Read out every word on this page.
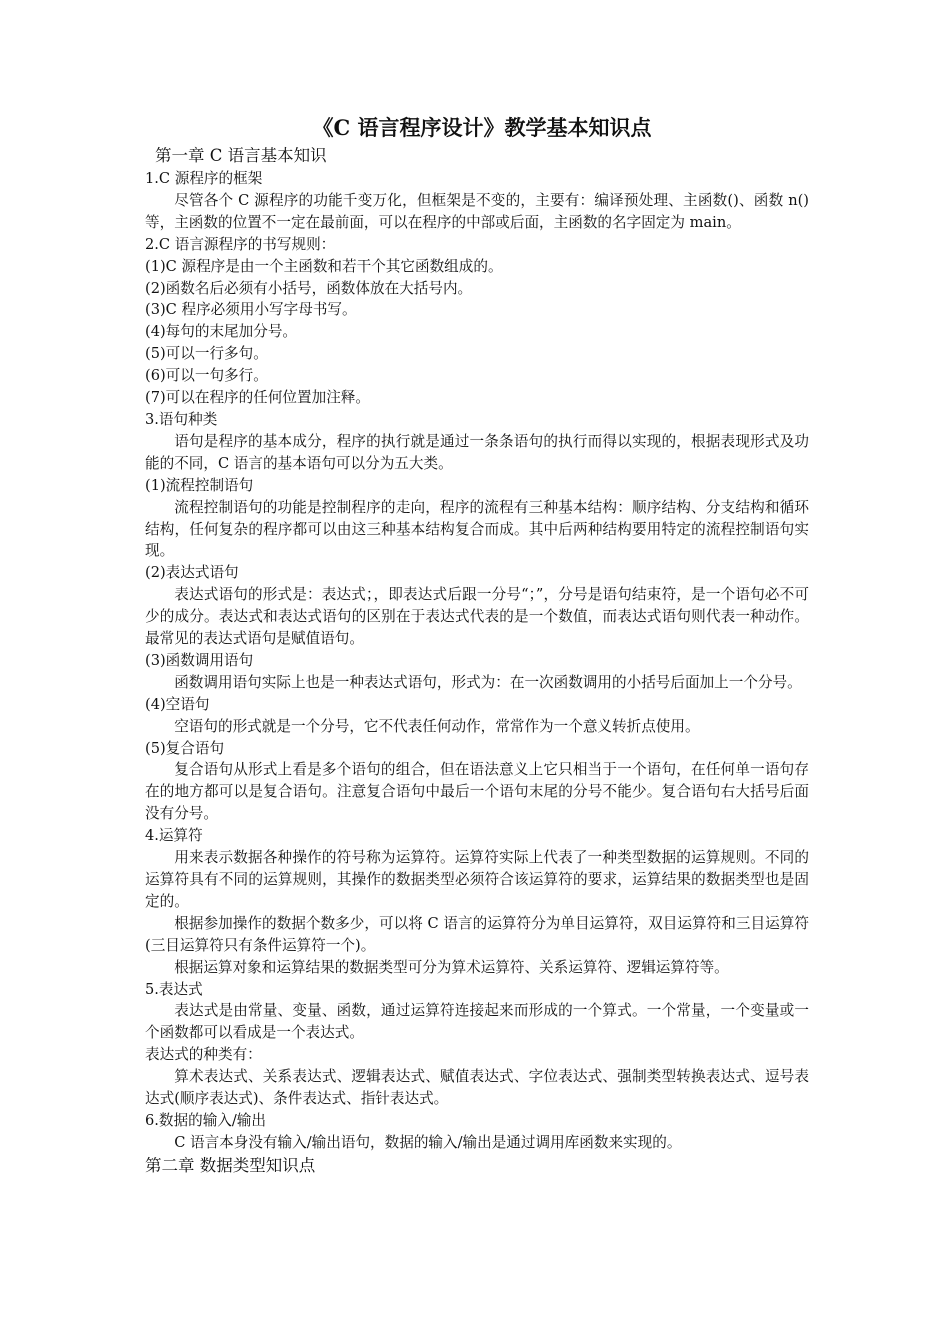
《C 语言程序设计》教学基本知识点
第一章 C 语言基本知识
1.C 源程序的框架

尽管各个 C 源程序的功能千变万化，但框架是不变的，主要有：编译预处理、主函数()、函数 n()等，主函数的位置不一定在最前面，可以在程序的中部或后面，主函数的名字固定为 main。

2.C 语言源程序的书写规则：
(1)C 源程序是由一个主函数和若干个其它函数组成的。
(2)函数名后必须有小括号，函数体放在大括号内。
(3)C 程序必须用小写字母书写。
(4)每句的末尾加分号。
(5)可以一行多句。
(6)可以一句多行。
(7)可以在程序的任何位置加注释。
3.语句种类

语句是程序的基本成分，程序的执行就是通过一条条语句的执行而得以实现的，根据表现形式及功能的不同，C 语言的基本语句可以分为五大类。

(1)流程控制语句

流程控制语句的功能是控制程序的走向，程序的流程有三种基本结构：顺序结构、分支结构和循环结构，任何复杂的程序都可以由这三种基本结构复合而成。其中后两种结构要用特定的流程控制语句实现。

(2)表达式语句

表达式语句的形式是：表达式；，即表达式后跟一分号“；”，分号是语句结束符，是一个语句必不可少的成分。表达式和表达式语句的区别在于表达式代表的是一个数值，而表达式语句则代表一种动作。最常见的表达式语句是赋值语句。

(3)函数调用语句

函数调用语句实际上也是一种表达式语句，形式为：在一次函数调用的小括号后面加上一个分号。

(4)空语句

空语句的形式就是一个分号，它不代表任何动作，常常作为一个意义转折点使用。

(5)复合语句

复合语句从形式上看是多个语句的组合，但在语法意义上它只相当于一个语句，在任何单一语句存在的地方都可以是复合语句。注意复合语句中最后一个语句末尾的分号不能少。复合语句右大括号后面没有分号。

4.运算符

用来表示数据各种操作的符号称为运算符。运算符实际上代表了一种类型数据的运算规则。不同的运算符具有不同的运算规则，其操作的数据类型必须符合该运算符的要求，运算结果的数据类型也是固定的。

根据参加操作的数据个数多少，可以将 C 语言的运算符分为单目运算符，双目运算符和三目运算符(三目运算符只有条件运算符一个)。

根据运算对象和运算结果的数据类型可分为算术运算符、关系运算符、逻辑运算符等。

5.表达式

表达式是由常量、变量、函数，通过运算符连接起来而形成的一个算式。一个常量，一个变量或一个函数都可以看成是一个表达式。

表达式的种类有：

算术表达式、关系表达式、逻辑表达式、赋值表达式、字位表达式、强制类型转换表达式、逗号表达式(顺序表达式)、条件表达式、指针表达式。

6.数据的输入/输出

C 语言本身没有输入/输出语句，数据的输入/输出是通过调用库函数来实现的。

第二章 数据类型知识点
